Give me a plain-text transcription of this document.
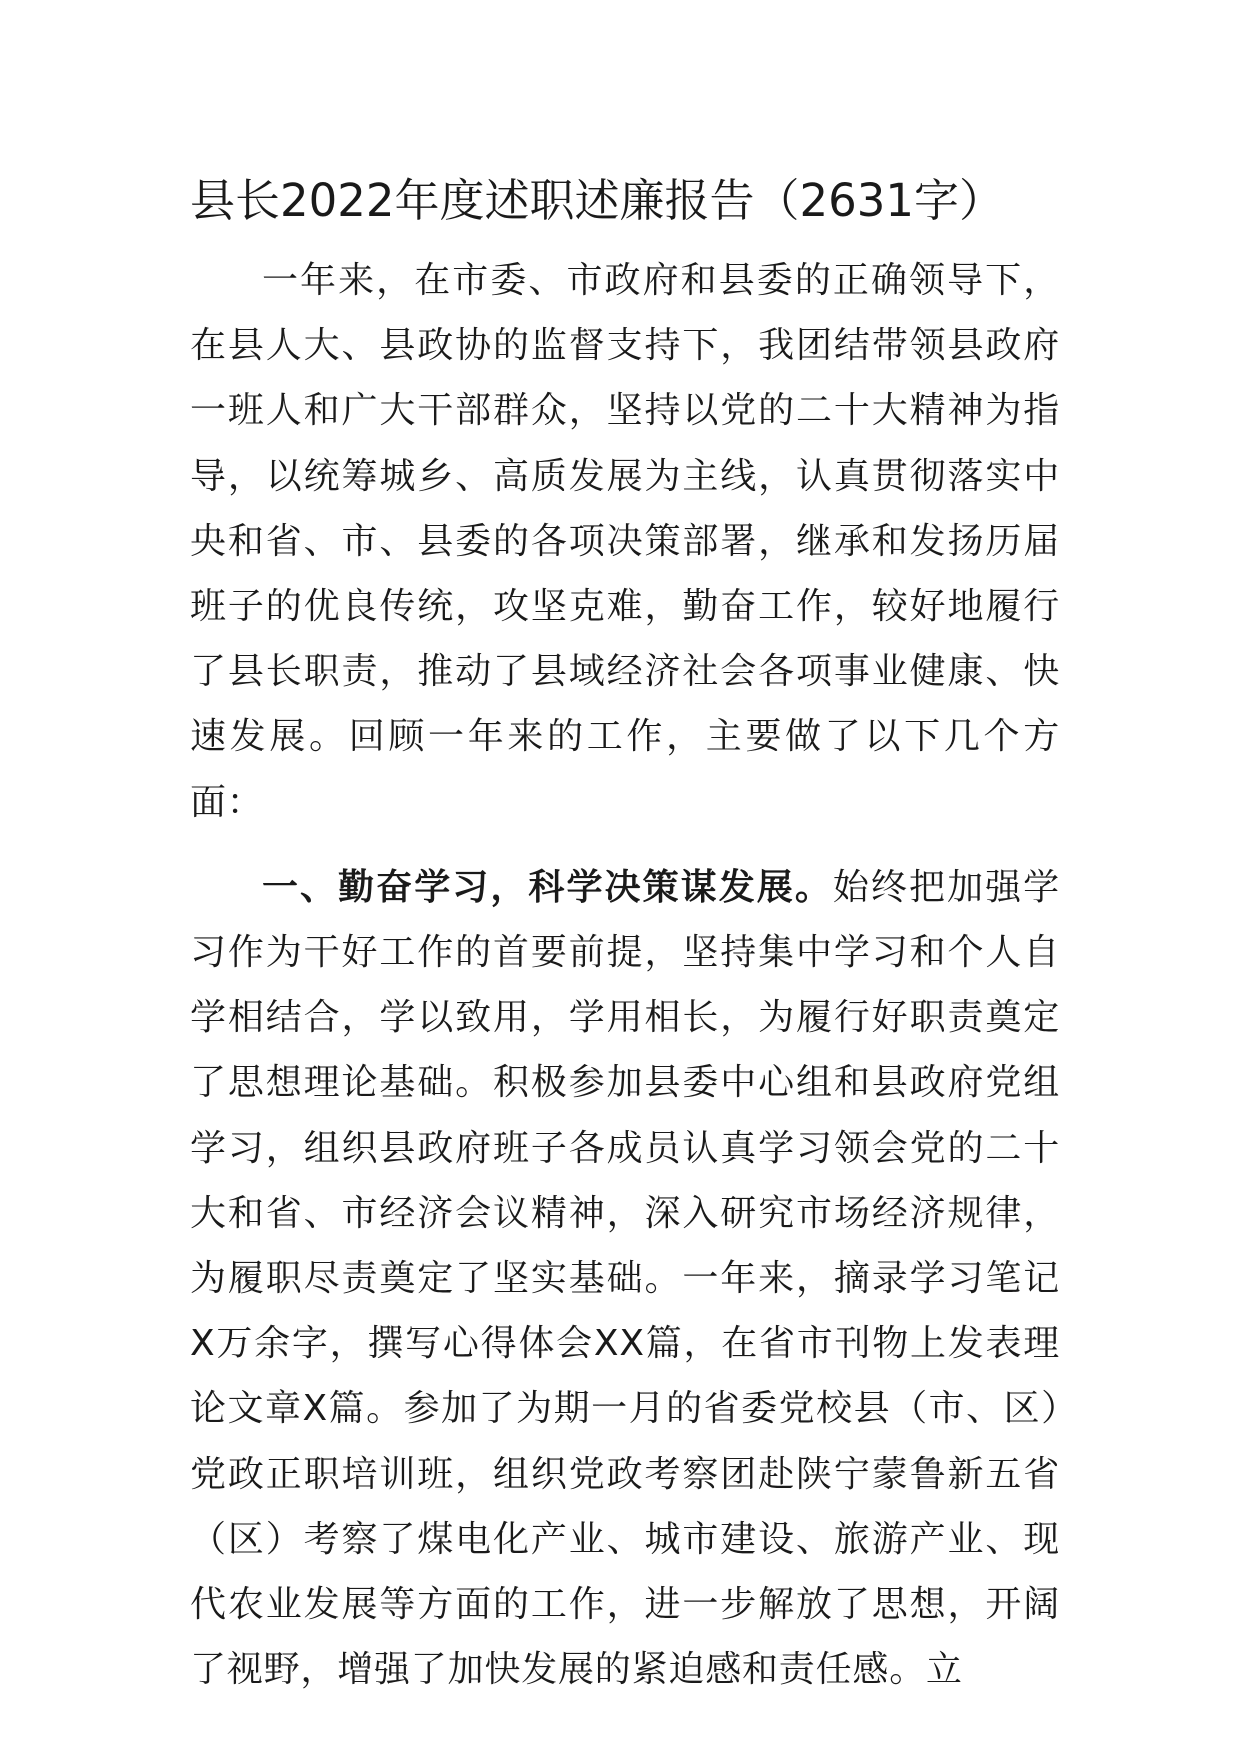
县长2022年度述职述廉报告（2631字）

一年来，在市委、市政府和县委的正确领导下，在县人大、县政协的监督支持下，我团结带领县政府一班人和广大干部群众，坚持以党的二十大精神为指导，以统筹城乡、高质发展为主线，认真贯彻落实中央和省、市、县委的各项决策部署，继承和发扬历届班子的优良传统，攻坚克难，勤奋工作，较好地履行了县长职责，推动了县域经济社会各项事业健康、快速发展。回顾一年来的工作，主要做了以下几个方面：

一、勤奋学习，科学决策谋发展。始终把加强学习作为干好工作的首要前提，坚持集中学习和个人自学相结合，学以致用，学用相长，为履行好职责奠定了思想理论基础。积极参加县委中心组和县政府党组学习，组织县政府班子各成员认真学习领会党的二十大和省、市经济会议精神，深入研究市场经济规律，为履职尽责奠定了坚实基础。一年来，摘录学习笔记X万余字，撰写心得体会XX篇，在省市刊物上发表理论文章X篇。参加了为期一月的省委党校县（市、区）党政正职培训班，组织党政考察团赴陕宁蒙鲁新五省（区）考察了煤电化产业、城市建设、旅游产业、现代农业发展等方面的工作，进一步解放了思想，开阔了视野，增强了加快发展的紧迫感和责任感。立
